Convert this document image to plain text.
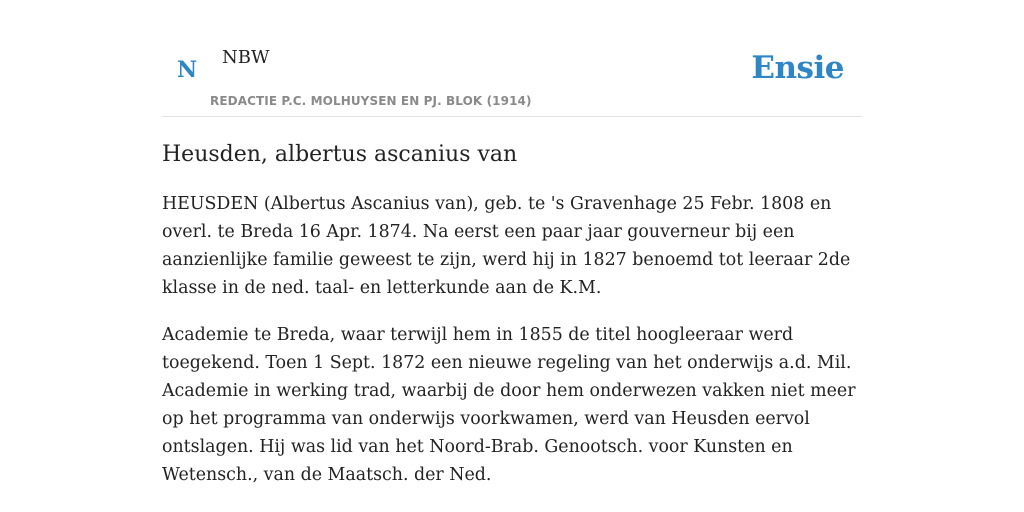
N NBW
REDACTIE P.C. MOLHUYSEN EN PJ. BLOK (1914)
Ensie
Heusden, albertus ascanius van

HEUSDEN (Albertus Ascanius van), geb. te 's Gravenhage 25 Febr. 1808 en overl. te Breda 16 Apr. 1874. Na eerst een paar jaar gouverneur bij een aanzienlijke familie geweest te zijn, werd hij in 1827 benoemd tot leeraar 2de klasse in de ned. taal- en letterkunde aan de K.M.

Academie te Breda, waar terwijl hem in 1855 de titel hoogleeraar werd toegekend. Toen 1 Sept. 1872 een nieuwe regeling van het onderwijs a.d. Mil. Academie in werking trad, waarbij de door hem onderwezen vakken niet meer op het programma van onderwijs voorkwamen, werd van Heusden eervol ontslagen. Hij was lid van het Noord-Brab. Genootsch. voor Kunsten en Wetensch., van de Maatsch. der Ned.
